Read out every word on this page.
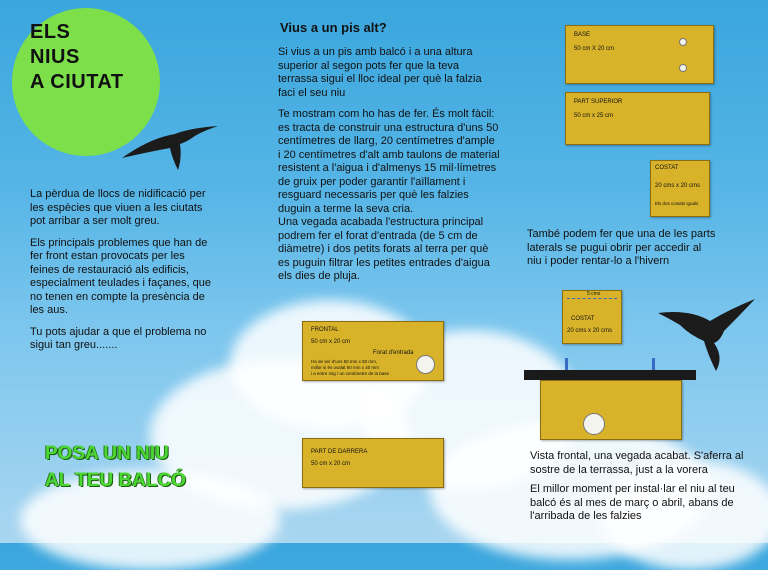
ELS
NIUS
A CIUTAT

La pèrdua de llocs de nidificació per les espècies que viuen a les ciutats pot arribar a ser molt greu.

Els principals problemes que han de fer front estan provocats per les feines de restauració als edificis, especialment teulades i façanes, que no tenen en compte la presència de les aus.

Tu pots ajudar a que el problema no sigui tan greu.......

POSA UN NIU
AL TEU BALCÓ
Vius a un pis alt?

Si vius a un pis amb balcó i a una altura superior al segon pots fer que la teva terrassa sigui el lloc ideal per què la falzia faci el seu niu

Te mostram com ho has de fer. És molt fàcil: es tracta de construir una estructura d'uns 50 centímetres de llarg, 20 centímetres d'ample i 20 centímetres d'alt amb taulons de material resistent a l'aigua i d'almenys 15 mil·límetres de gruix per poder garantir l'aïllament i resguard necessaris per què les falzies duguin a terme la seva cria.

Una vegada acabada l'estructura principal podrem fer el forat d'entrada (de 5 cm de diàmetre) i dos petits forats al terra per què es puguin filtrar les petites entrades d'aigua els dies de pluja.

FRONTAL
50 cm x 20 cm
Forat d'entrada
Ha de ser d'uns 50 mm x 50 mm,
millor si és ovalat 60 mm x 40 mm
i a entre mig / un centímetre de la base
PART DE DARRERA
50 cm x 20 cm
BASE
50 cm X 20 cm
PART SUPERIOR
50 cm x 25 cm
COSTAT
20 cms x 20 cms
Els dos costats iguals

També podem fer que una de les parts laterals se pugui obrir per accedir al niu i poder rentar-lo a l'hivern

5 cms
COSTAT
20 cms x 20 cms

Vista frontal, una vegada acabat. S'aferra al sostre de la terrassa, just a la vorera

El millor moment per instal·lar el niu al teu balcó és al mes de març o abril, abans de l'arribada de les falzies
